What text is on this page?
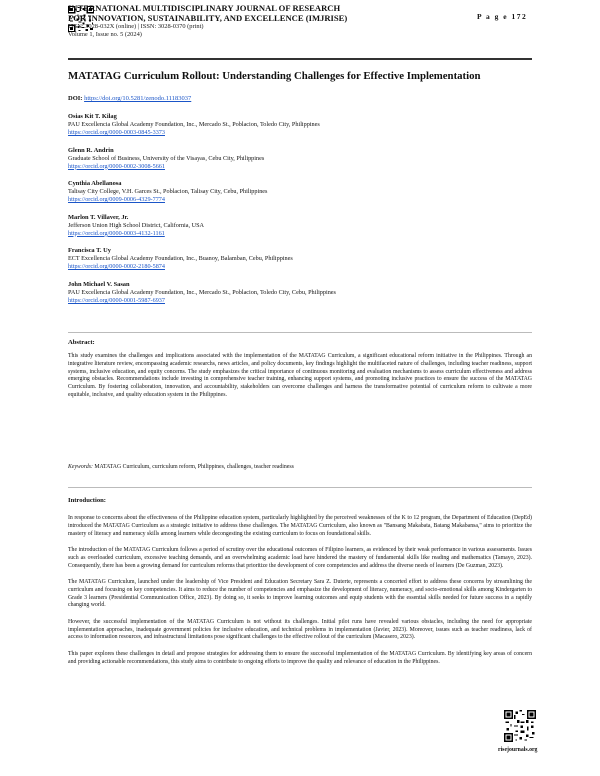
INTERNATIONAL MULTIDISCIPLINARY JOURNAL OF RESEARCH
FOR INNOVATION, SUSTAINABILITY, AND EXCELLENCE (IMJRISE)
ISSN: 3028-032X (online) | ISSN: 3028-0370 (print)
Volume 1, Issue no. 5 (2024)
P a g e 172
MATATAG Curriculum Rollout: Understanding Challenges for Effective Implementation
DOI: https://doi.org/10.5281/zenodo.11183037
Osias Kit T. Kilag
PAU Excellencia Global Academy Foundation, Inc., Mercado St., Poblacion, Toledo City, Philippines
https://orcid.org/0000-0003-0845-3373
Glenn R. Andrin
Graduate School of Business, University of the Visayas, Cebu City, Philippines
https://orcid.org/0000-0002-3008-5661
Cynthia Abellanosa
Talisay City College, V.H. Garces St., Poblacion, Talisay City, Cebu, Philippines
https://orcid.org/0009-0006-4329-7774
Marlon T. Villaver, Jr.
Jefferson Union High School District, California, USA
https://orcid.org/0000-0003-4132-1161
Francisca T. Uy
ECT Excellencia Global Academy Foundation, Inc., Buanoy, Balamban, Cebu, Philippines
https://orcid.org/0000-0002-2180-5874
John Michael V. Sasan
PAU Excellencia Global Academy Foundation, Inc., Mercado St., Poblacion, Toledo City, Cebu, Philippines
https://orcid.org/0000-0001-5987-6937
Abstract:

This study examines the challenges and implications associated with the implementation of the MATATAG Curriculum, a significant educational reform initiative in the Philippines. Through an integrative literature review, encompassing academic researchs, news articles, and policy documents, key findings highlight the multifaceted nature of challenges, including teacher readiness, support systems, inclusive education, and equity concerns. The study emphasizes the critical importance of continuous monitoring and evaluation mechanisms to assess curriculum effectiveness and address emerging obstacles. Recommendations include investing in comprehensive teacher training, enhancing support systems, and promoting inclusive practices to ensure the success of the MATATAG Curriculum. By fostering collaboration, innovation, and accountability, stakeholders can overcome challenges and harness the transformative potential of curriculum reform to cultivate a more equitable, inclusive, and quality education system in the Philippines.

Keywords: MATATAG Curriculum, curriculum reform, Philippines, challenges, teacher readiness
Introduction:

In response to concerns about the effectiveness of the Philippine education system, particularly highlighted by the perceived weaknesses of the K to 12 program, the Department of Education (DepEd) introduced the MATATAG Curriculum as a strategic initiative to address these challenges. The MATATAG Curriculum, also known as "Bansang Makabata, Batang Makabansa," aims to prioritize the mastery of literacy and numeracy skills among learners while decongesting the existing curriculum to focus on foundational skills.

The introduction of the MATATAG Curriculum follows a period of scrutiny over the educational outcomes of Filipino learners, as evidenced by their weak performance in various assessments. Issues such as overloaded curriculum, excessive teaching demands, and an overwhelming academic load have hindered the mastery of fundamental skills like reading and mathematics (Tamayo, 2023). Consequently, there has been a growing demand for curriculum reforms that prioritize the development of core competencies and address the diverse needs of learners (De Guzman, 2023).

The MATATAG Curriculum, launched under the leadership of Vice President and Education Secretary Sara Z. Duterte, represents a concerted effort to address these concerns by streamlining the curriculum and focusing on key competencies. It aims to reduce the number of competencies and emphasize the development of literacy, numeracy, and socio-emotional skills among Kindergarten to Grade 3 learners (Presidential Communication Office, 2023). By doing so, it seeks to improve learning outcomes and equip students with the essential skills needed for future success in a rapidly changing world.

However, the successful implementation of the MATATAG Curriculum is not without its challenges. Initial pilot runs have revealed various obstacles, including the need for appropriate implementation approaches, inadequate government policies for inclusive education, and technical problems in implementation (Javier, 2023). Moreover, issues such as teacher readiness, lack of access to information resources, and infrastructural limitations pose significant challenges to the effective rollout of the curriculum (Macasero, 2023).

This paper explores these challenges in detail and propose strategies for addressing them to ensure the successful implementation of the MATATAG Curriculum. By identifying key areas of concern and providing actionable recommendations, this study aims to contribute to ongoing efforts to improve the quality and relevance of education in the Philippines.

risejournals.org
